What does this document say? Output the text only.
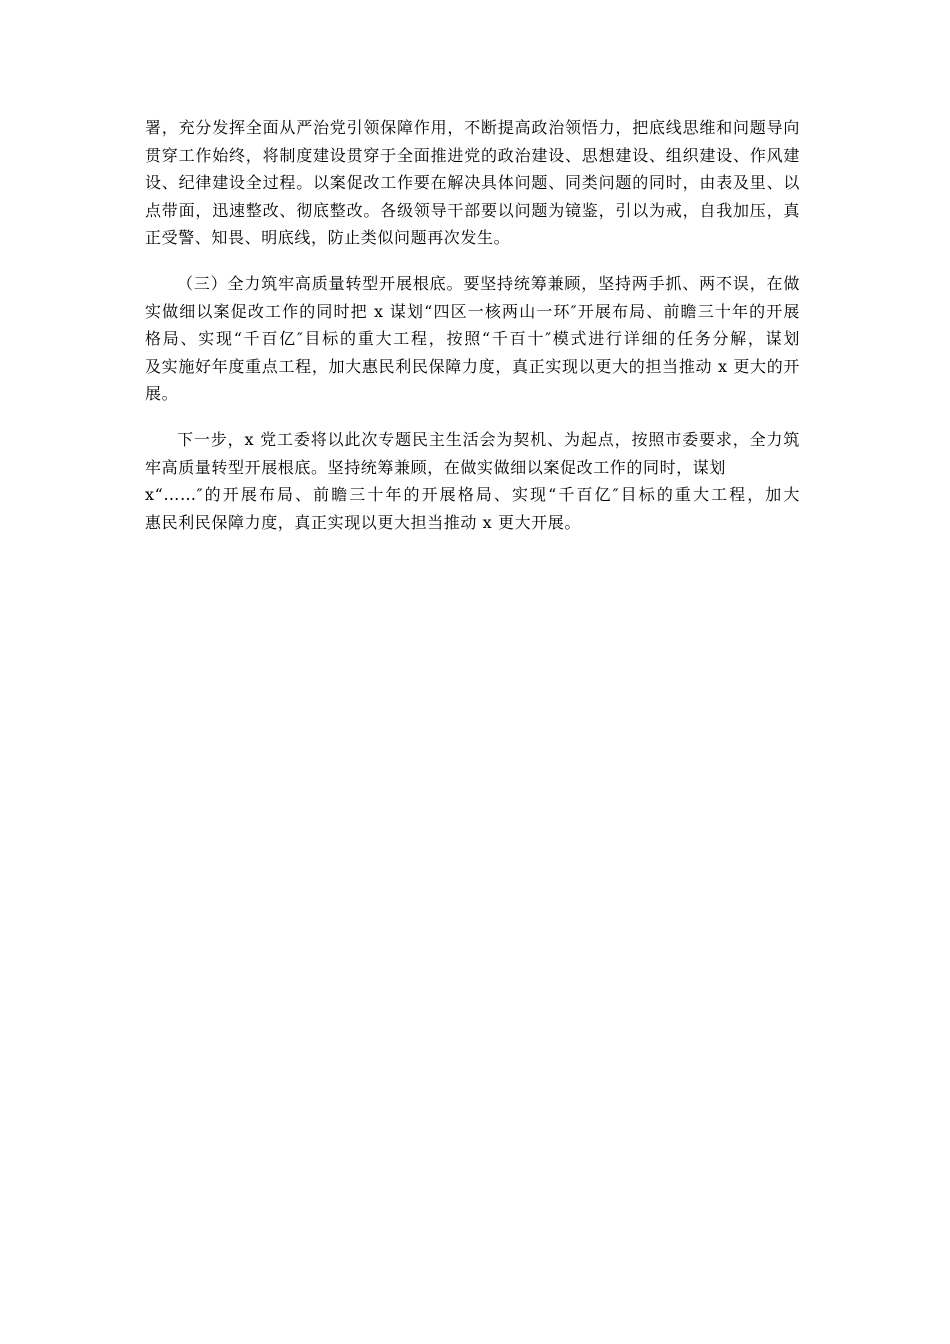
署，充分发挥全面从严治党引领保障作用，不断提高政治领悟力，把底线思维和问题导向
贯穿工作始终，将制度建设贯穿于全面推进党的政治建设、思想建设、组织建设、作风建
设、纪律建设全过程。以案促改工作要在解决具体问题、同类问题的同时，由表及里、以
点带面，迅速整改、彻底整改。各级领导干部要以问题为镜鉴，引以为戒，自我加压，真
正受警、知畏、明底线，防止类似问题再次发生。

（三）全力筑牢高质量转型开展根底。要坚持统筹兼顾，坚持两手抓、两不误，在做
实做细以案促改工作的同时把 x 谋划“四区一核两山一环″开展布局、前瞻三十年的开展
格局、实现“千百亿″目标的重大工程，按照“千百十″模式进行详细的任务分解，谋划
及实施好年度重点工程，加大惠民利民保障力度，真正实现以更大的担当推动 x 更大的开
展。

下一步，x 党工委将以此次专题民主生活会为契机、为起点，按照市委要求，全力筑
牢高质量转型开展根底。坚持统筹兼顾，在做实做细以案促改工作的同时，谋划
x“……″的开展布局、前瞻三十年的开展格局、实现“千百亿″目标的重大工程，加大
惠民利民保障力度，真正实现以更大担当推动 x 更大开展。
